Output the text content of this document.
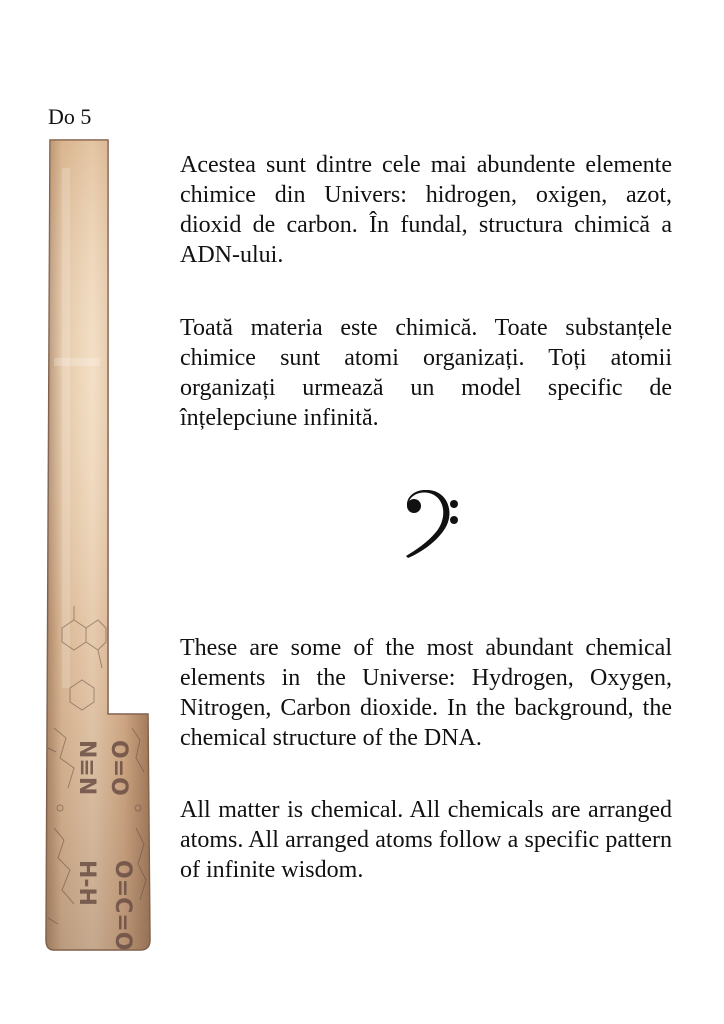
Do 5

N≡N O=O
H-H O=C=O

Acestea sunt dintre cele mai abundente elemente chimice din Univers: hidrogen, oxigen, azot, dioxid de carbon. În fundal, structura chimică a ADN-ului.

Toată materia este chimică. Toate substanțele chimice sunt atomi organizați. Toți atomii organizați urmează un model specific de înțelepciune infinită.

These are some of the most abundant chemical elements in the Universe: Hydrogen, Oxygen, Nitrogen, Carbon dioxide. In the background, the chemical structure of the DNA.

All matter is chemical. All chemicals are arranged atoms. All arranged atoms follow a specific pattern of infinite wisdom.
